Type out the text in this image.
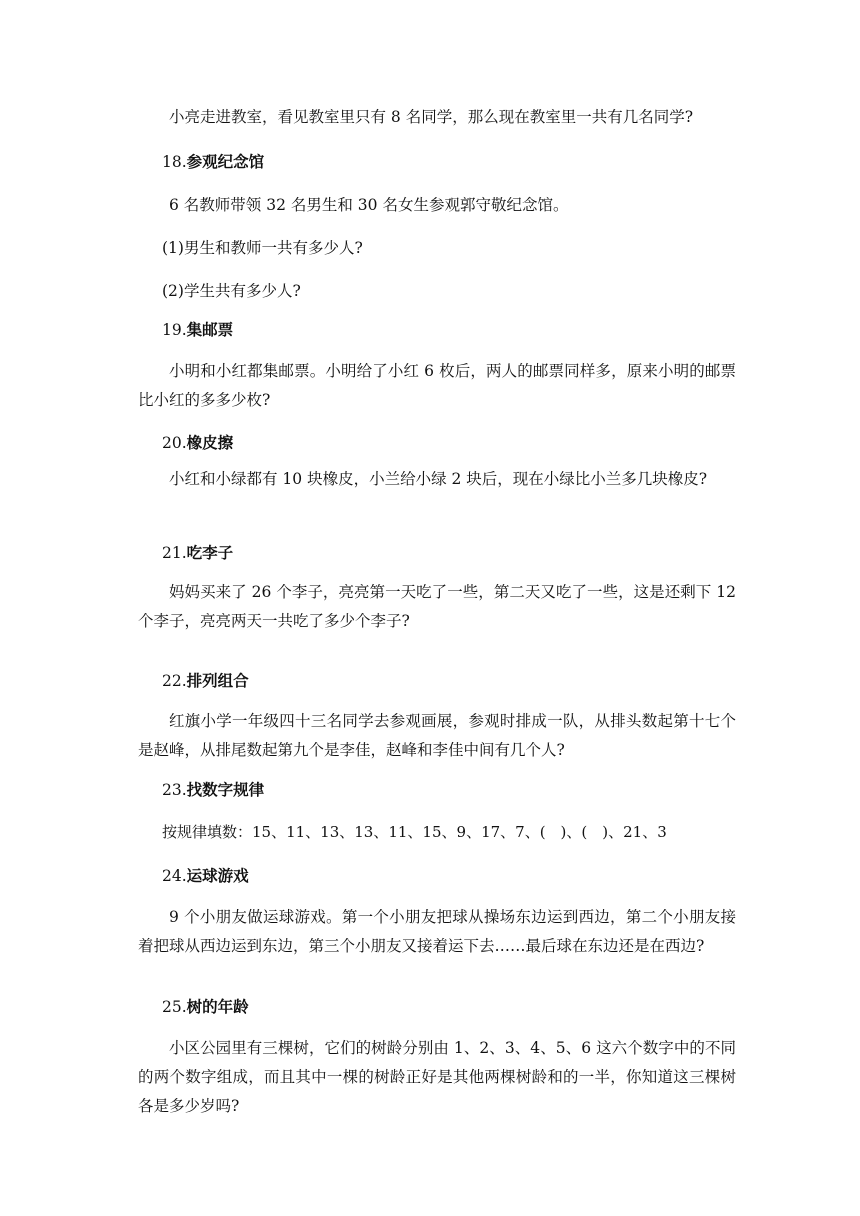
小亮走进教室，看见教室里只有 8 名同学，那么现在教室里一共有几名同学?

18.参观纪念馆

6 名教师带领 32 名男生和 30 名女生参观郭守敬纪念馆。

(1)男生和教师一共有多少人?

(2)学生共有多少人?

19.集邮票

小明和小红都集邮票。小明给了小红 6 枚后，两人的邮票同样多，原来小明的邮票比小红的多多少枚?

20.橡皮擦

小红和小绿都有 10 块橡皮，小兰给小绿 2 块后，现在小绿比小兰多几块橡皮?

21.吃李子

妈妈买来了 26 个李子，亮亮第一天吃了一些，第二天又吃了一些，这是还剩下 12 个李子，亮亮两天一共吃了多少个李子?

22.排列组合

红旗小学一年级四十三名同学去参观画展，参观时排成一队，从排头数起第十七个是赵峰，从排尾数起第九个是李佳，赵峰和李佳中间有几个人?

23.找数字规律

按规律填数：15、11、13、13、11、15、9、17、7、(　)、(　)、21、3

24.运球游戏

9 个小朋友做运球游戏。第一个小朋友把球从操场东边运到西边，第二个小朋友接着把球从西边运到东边，第三个小朋友又接着运下去……最后球在东边还是在西边?

25.树的年龄

小区公园里有三棵树，它们的树龄分别由 1、2、3、4、5、6 这六个数字中的不同的两个数字组成，而且其中一棵的树龄正好是其他两棵树龄和的一半，你知道这三棵树各是多少岁吗?
